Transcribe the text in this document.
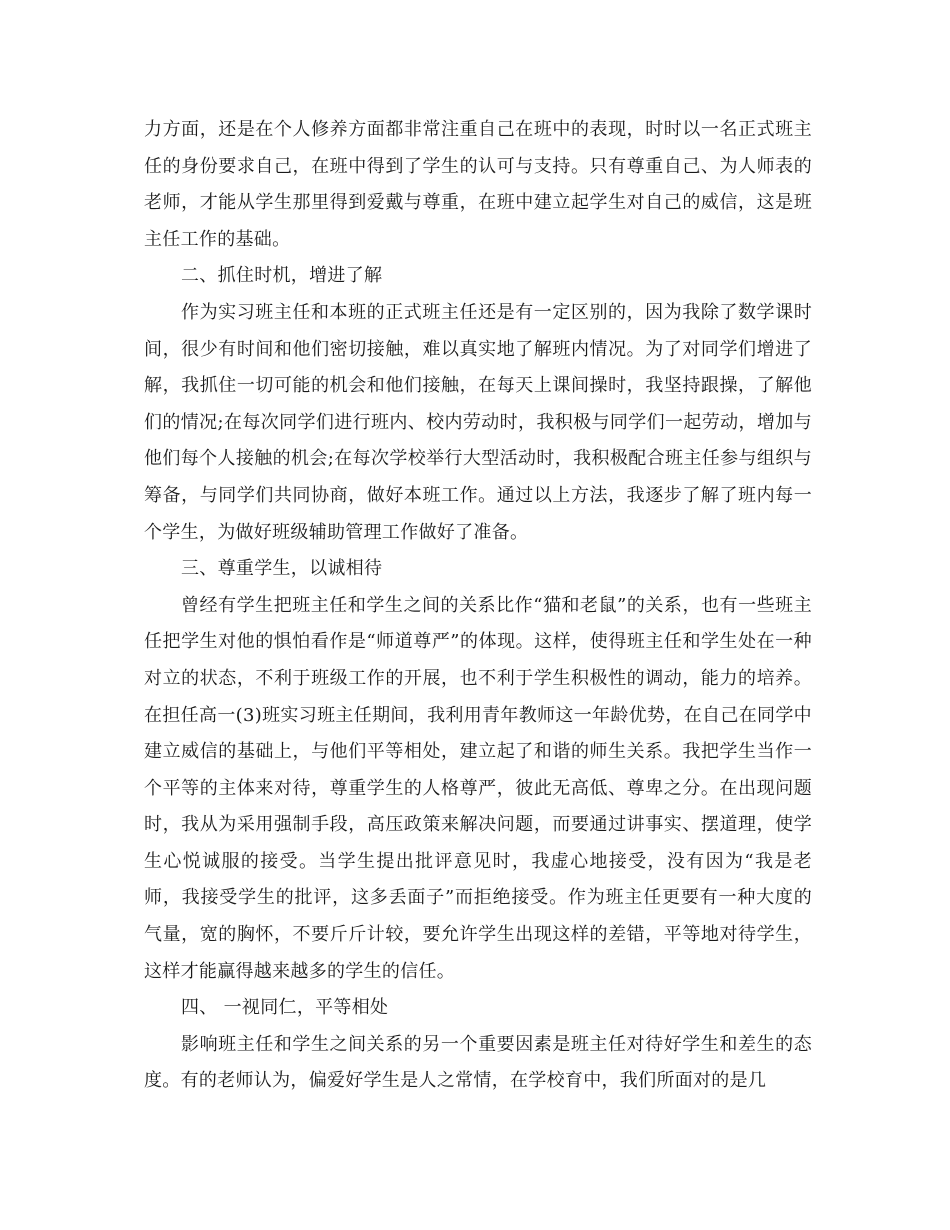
力方面，还是在个人修养方面都非常注重自己在班中的表现，时时以一名正式班主任的身份要求自己，在班中得到了学生的认可与支持。只有尊重自己、为人师表的老师，才能从学生那里得到爱戴与尊重，在班中建立起学生对自己的威信，这是班主任工作的基础。

二、抓住时机，增进了解

作为实习班主任和本班的正式班主任还是有一定区别的，因为我除了数学课时间，很少有时间和他们密切接触，难以真实地了解班内情况。为了对同学们增进了解，我抓住一切可能的机会和他们接触，在每天上课间操时，我坚持跟操，了解他们的情况;在每次同学们进行班内、校内劳动时，我积极与同学们一起劳动，增加与他们每个人接触的机会;在每次学校举行大型活动时，我积极配合班主任参与组织与筹备，与同学们共同协商，做好本班工作。通过以上方法，我逐步了解了班内每一个学生，为做好班级辅助管理工作做好了准备。

三、尊重学生，以诚相待

曾经有学生把班主任和学生之间的关系比作“猫和老鼠”的关系，也有一些班主任把学生对他的惧怕看作是“师道尊严”的体现。这样，使得班主任和学生处在一种对立的状态，不利于班级工作的开展，也不利于学生积极性的调动，能力的培养。在担任高一(3)班实习班主任期间，我利用青年教师这一年龄优势，在自己在同学中建立威信的基础上，与他们平等相处，建立起了和谐的师生关系。我把学生当作一个平等的主体来对待，尊重学生的人格尊严，彼此无高低、尊卑之分。在出现问题时，我从为采用强制手段，高压政策来解决问题，而要通过讲事实、摆道理，使学生心悦诚服的接受。当学生提出批评意见时，我虚心地接受，没有因为“我是老师，我接受学生的批评，这多丢面子”而拒绝接受。作为班主任更要有一种大度的气量，宽的胸怀，不要斤斤计较，要允许学生出现这样的差错，平等地对待学生，这样才能赢得越来越多的学生的信任。

四、 一视同仁，平等相处

影响班主任和学生之间关系的另一个重要因素是班主任对待好学生和差生的态度。有的老师认为，偏爱好学生是人之常情，在学校育中，我们所面对的是几
